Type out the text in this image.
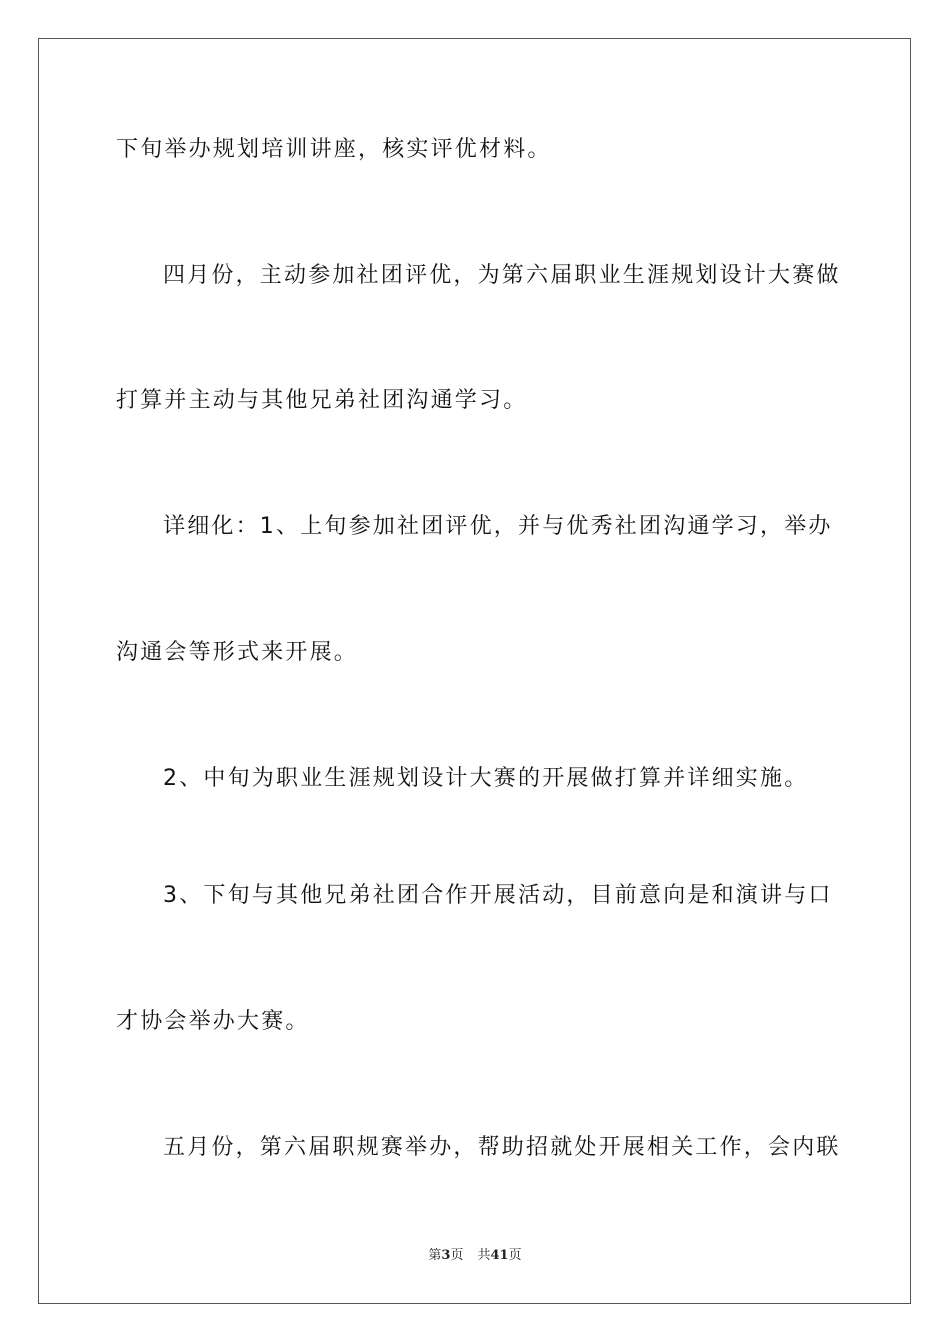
下旬举办规划培训讲座，核实评优材料。
四月份，主动参加社团评优，为第六届职业生涯规划设计大赛做
打算并主动与其他兄弟社团沟通学习。
详细化：1、上旬参加社团评优，并与优秀社团沟通学习，举办
沟通会等形式来开展。
2、中旬为职业生涯规划设计大赛的开展做打算并详细实施。
3、下旬与其他兄弟社团合作开展活动，目前意向是和演讲与口
才协会举办大赛。
五月份，第六届职规赛举办，帮助招就处开展相关工作，会内联
第3页 共41页
